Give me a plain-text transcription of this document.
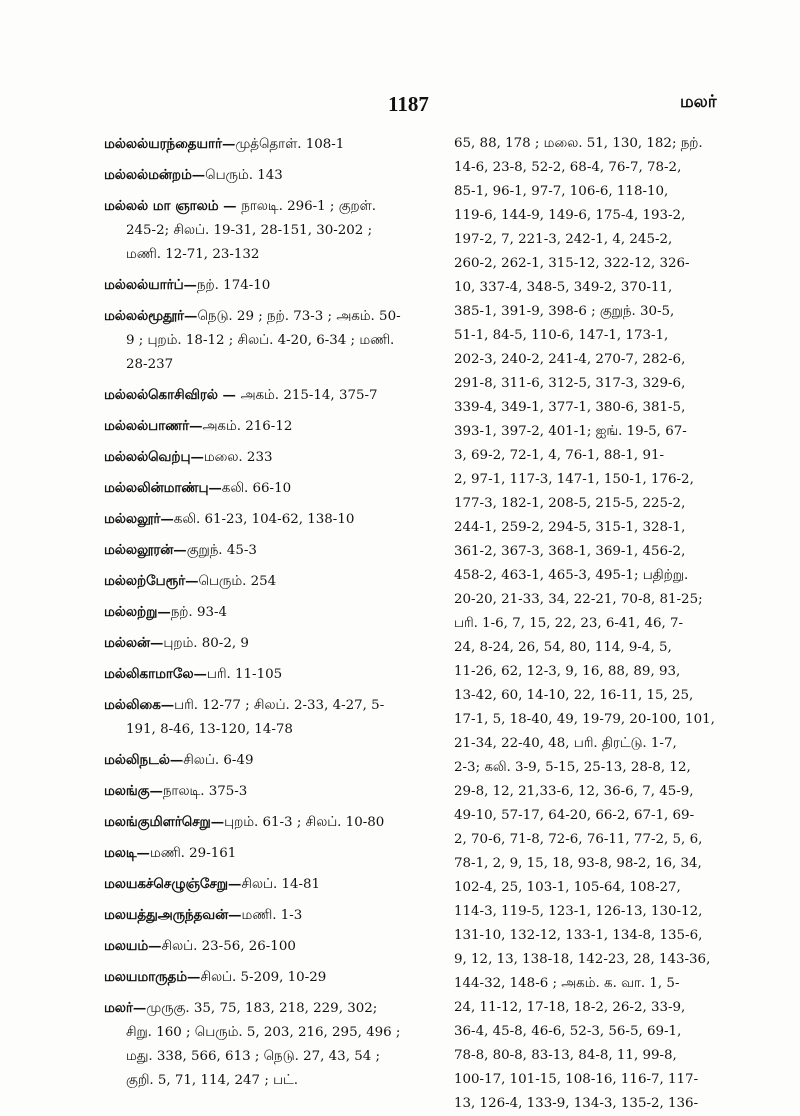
1187	மலர்

மல்லல்யரந்தையார்—முத்தொள். 108-1

மல்லல்மன்றம்—பெரும். 143

மல்லல் மா ஞாலம் — நாலடி. 296-1 ; குறள். 245-2; சிலப். 19-31, 28-151, 30-202 ; மணி. 12-71, 23-132

மல்லல்யார்ப்—நற். 174-10

மல்லல்மூதூர்—நெடு. 29 ; நற். 73-3 ; அகம். 50-9 ; புறம். 18-12 ; சிலப். 4-20, 6-34 ; மணி. 28-237

மல்லல்கொசிவிரல் — அகம். 215-14, 375-7

மல்லல்பாணர்—அகம். 216-12

மல்லல்வெற்பு—மலை. 233

மல்லலின்மாண்பு—கலி. 66-10

மல்லலூர்—கலி. 61-23, 104-62, 138-10

மல்லலூரன்—குறுந். 45-3

மல்லற்பேரூர்—பெரும். 254

மல்லற்று—நற். 93-4

மல்லன்—புறம். 80-2, 9

மல்லிகாமாலே—பரி. 11-105

மல்லிகை—பரி. 12-77 ; சிலப். 2-33, 4-27, 5-191, 8-46, 13-120, 14-78

மல்லிநடல்—சிலப். 6-49

மலங்கு—நாலடி. 375-3

மலங்குமிளர்செறு—புறம். 61-3 ; சிலப். 10-80

மலடி—மணி. 29-161

மலயகச்செழுஞ்சேறு—சிலப். 14-81

மலயத்துஅருந்தவன்—மணி. 1-3

மலயம்—சிலப். 23-56, 26-100

மலயமாருதம்—சிலப். 5-209, 10-29

மலர்—முருகு. 35, 75, 183, 218, 229, 302; சிறு. 160 ; பெரும். 5, 203, 216, 295, 496 ; மது. 338, 566, 613 ; நெடு. 27, 43, 54 ; குறி. 5, 71, 114, 247 ; பட்.

65, 88, 178 ; மலை. 51, 130, 182; நற்.

14-6, 23-8, 52-2, 68-4, 76-7, 78-2,

85-1, 96-1, 97-7, 106-6, 118-10,

119-6, 144-9, 149-6, 175-4, 193-2,

197-2, 7, 221-3, 242-1, 4, 245-2,

260-2, 262-1, 315-12, 322-12, 326-

10, 337-4, 348-5, 349-2, 370-11,

385-1, 391-9, 398-6 ; குறுந். 30-5,

51-1, 84-5, 110-6, 147-1, 173-1,

202-3, 240-2, 241-4, 270-7, 282-6,

291-8, 311-6, 312-5, 317-3, 329-6,

339-4, 349-1, 377-1, 380-6, 381-5,

393-1, 397-2, 401-1; ஐங். 19-5, 67-

3, 69-2, 72-1, 4, 76-1, 88-1, 91-

2, 97-1, 117-3, 147-1, 150-1, 176-2,

177-3, 182-1, 208-5, 215-5, 225-2,

244-1, 259-2, 294-5, 315-1, 328-1,

361-2, 367-3, 368-1, 369-1, 456-2,

458-2, 463-1, 465-3, 495-1; பதிற்று.

20-20, 21-33, 34, 22-21, 70-8, 81-25;

பரி. 1-6, 7, 15, 22, 23, 6-41, 46, 7-

24, 8-24, 26, 54, 80, 114, 9-4, 5,

11-26, 62, 12-3, 9, 16, 88, 89, 93,

13-42, 60, 14-10, 22, 16-11, 15, 25,

17-1, 5, 18-40, 49, 19-79, 20-100, 101,

21-34, 22-40, 48, பரி. திரட்டு. 1-7,

2-3; கலி. 3-9, 5-15, 25-13, 28-8, 12,

29-8, 12, 21,33-6, 12, 36-6, 7, 45-9,

49-10, 57-17, 64-20, 66-2, 67-1, 69-

2, 70-6, 71-8, 72-6, 76-11, 77-2, 5, 6,

78-1, 2, 9, 15, 18, 93-8, 98-2, 16, 34,

102-4, 25, 103-1, 105-64, 108-27,

114-3, 119-5, 123-1, 126-13, 130-12,

131-10, 132-12, 133-1, 134-8, 135-6,

9, 12, 13, 138-18, 142-23, 28, 143-36,

144-32, 148-6 ; அகம். க. வா. 1, 5-

24, 11-12, 17-18, 18-2, 26-2, 33-9,

36-4, 45-8, 46-6, 52-3, 56-5, 69-1,

78-8, 80-8, 83-13, 84-8, 11, 99-8,

100-17, 101-15, 108-16, 116-7, 117-

13, 126-4, 133-9, 134-3, 135-2, 136-
